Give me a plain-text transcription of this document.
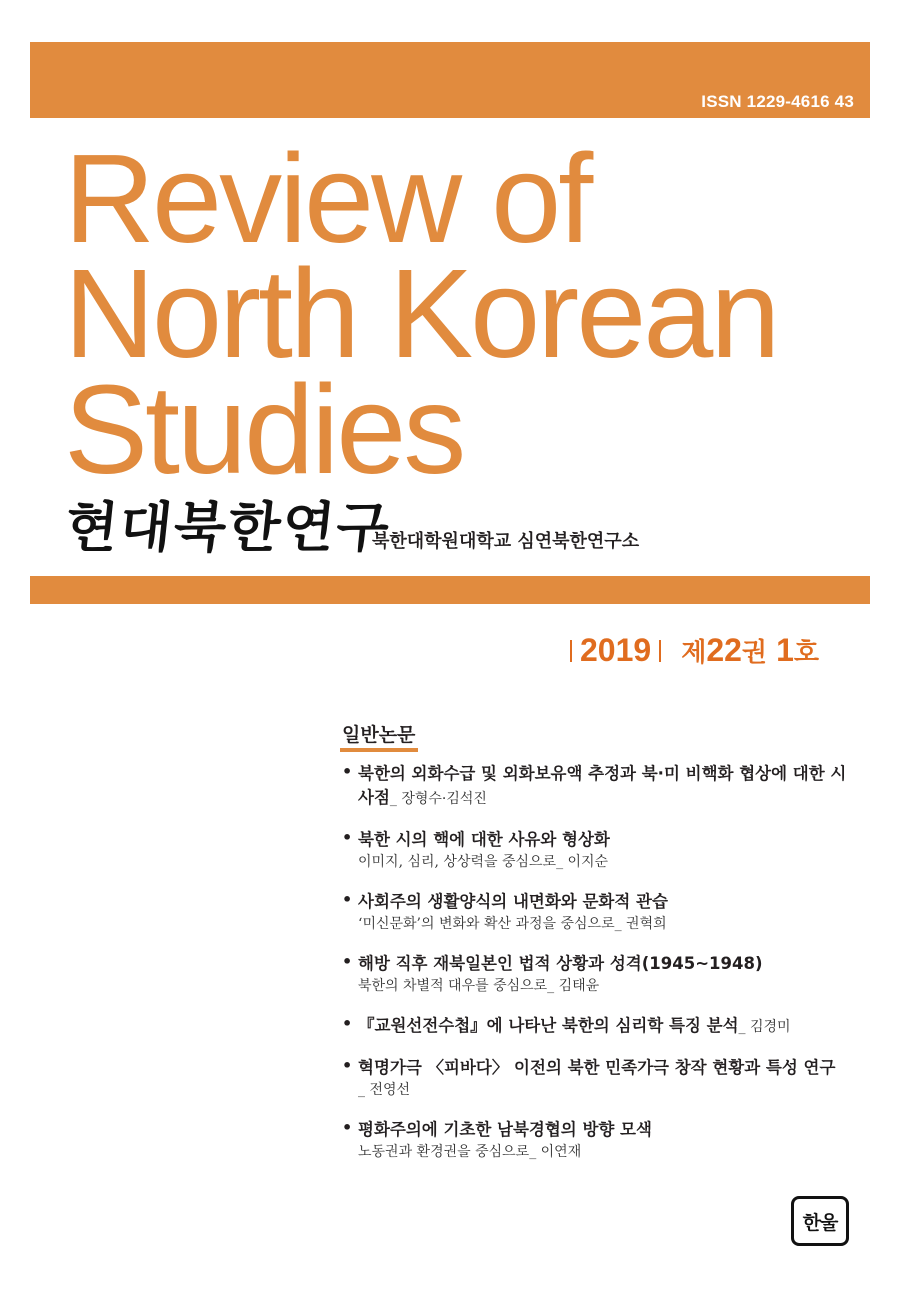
ISSN 1229-4616 43
Review of
North Korean
Studies
현대북한연구
북한대학원대학교 심연북한연구소
2019 제22권 1호
일반논문
• 북한의 외화수급 및 외화보유액 추정과 북·미 비핵화 협상에 대한 시사점_ 장형수·김석진
• 북한 시의 핵에 대한 사유와 형상화
이미지, 심리, 상상력을 중심으로_ 이지순
• 사회주의 생활양식의 내면화와 문화적 관습
‘미신문화’의 변화와 확산 과정을 중심으로_ 권혁희
• 해방 직후 재북일본인 법적 상황과 성격(1945~1948)
북한의 차별적 대우를 중심으로_ 김태윤
• 『교원선전수첩』에 나타난 북한의 심리학 특징 분석_ 김경미
• 혁명가극 〈피바다〉 이전의 북한 민족가극 창작 현황과 특성 연구
_ 전영선
• 평화주의에 기초한 남북경협의 방향 모색
노동권과 환경권을 중심으로_ 이연재
한울
